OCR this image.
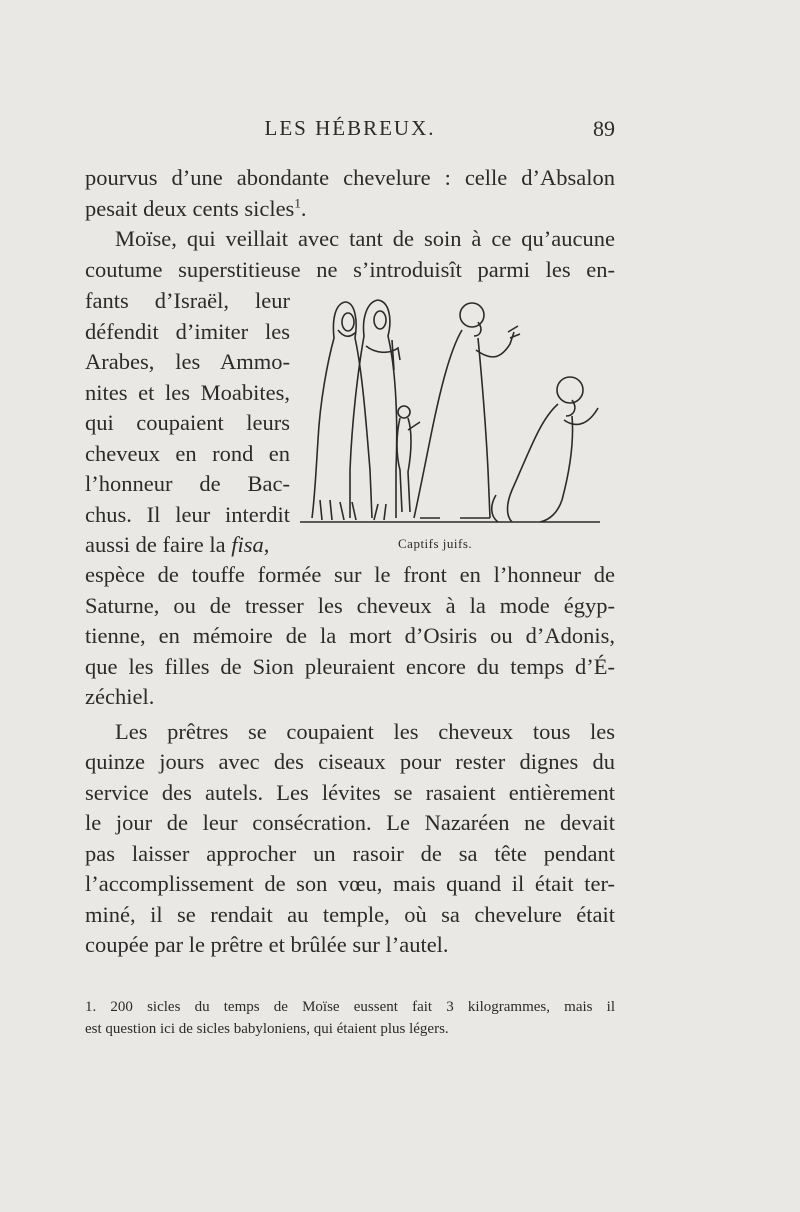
LES HÉBREUX.	89
pourvus d’une abondante chevelure : celle d’Absalon
pesait deux cents sicles$^1$.
Moïse, qui veillait avec tant de soin à ce qu’aucune
coutume superstitieuse ne s’introduisît parmi les en-
fants d’Israël, leur
défendit d’imiter les
Arabes, les Ammo-
nites et les Moabites,
qui coupaient leurs
cheveux en rond en
l’honneur de Bac-
chus. Il leur interdit
aussi de faire la fisa,	Captifs juifs.
espèce de touffe formée sur le front en l’honneur de
Saturne, ou de tresser les cheveux à la mode égyp-
tienne, en mémoire de la mort d’Osiris ou d’Adonis,
que les filles de Sion pleuraient encore du temps d’É-
zéchiel.
Les prêtres se coupaient les cheveux tous les
quinze jours avec des ciseaux pour rester dignes du
service des autels. Les lévites se rasaient entièrement
le jour de leur consécration. Le Nazaréen ne devait
pas laisser approcher un rasoir de sa tête pendant
l’accomplissement de son vœu, mais quand il était ter-
miné, il se rendait au temple, où sa chevelure était
coupée par le prêtre et brûlée sur l’autel.
1. 200 sicles du temps de Moïse eussent fait 3 kilogrammes, mais il
est question ici de sicles babyloniens, qui étaient plus légers.
